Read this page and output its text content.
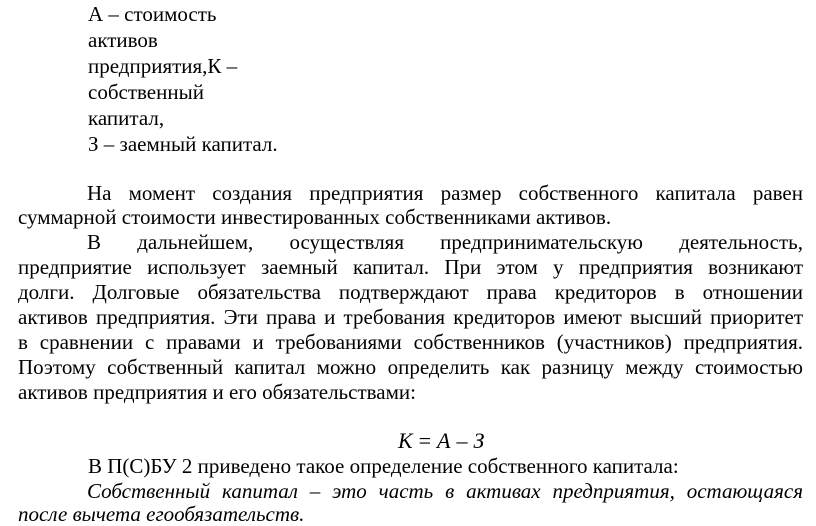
А – стоимость
активов
предприятия,К –
собственный
капитал,
З – заемный капитал.
На момент создания предприятия размер собственного капитала равен
суммарной стоимости инвестированных собственниками активов.
В дальнейшем, осуществляя предпринимательскую деятельность,
предприятие использует заемный капитал. При этом у предприятия возникают
долги. Долговые обязательства подтверждают права кредиторов в отношении
активов предприятия. Эти права и требования кредиторов имеют высший приоритет
в сравнении с правами и требованиями собственников (участников) предприятия.
Поэтому собственный капитал можно определить как разницу между стоимостью
активов предприятия и его обязательствами:
К = А – З
В П(С)БУ 2 приведено такое определение собственного капитала:
Собственный капитал – это часть в активах предприятия, остающаяся
после вычета егообязательств.
